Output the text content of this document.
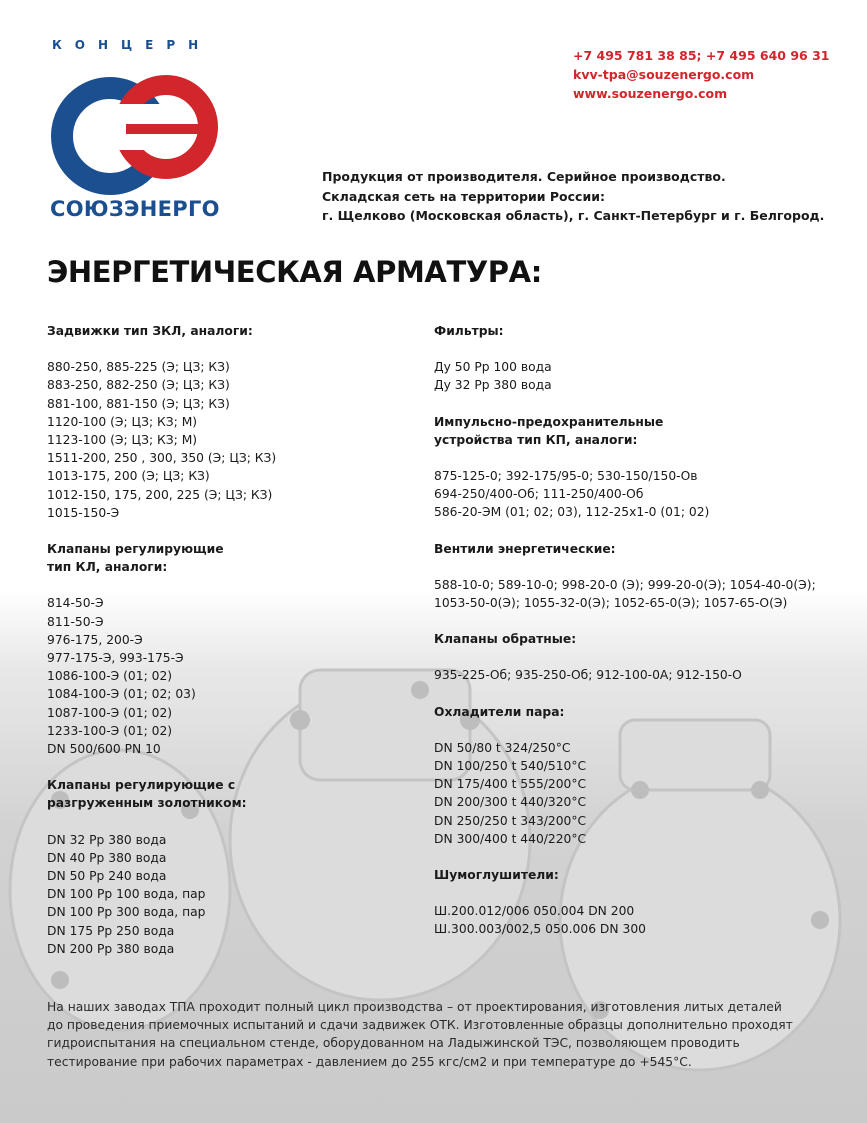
КОНЦЕРН
СОЮЗЭНЕРГО
+7 495 781 38 85; +7 495 640 96 31
kvv-tpa@souzenergo.com
www.souzenergo.com
Продукция от производителя. Серийное производство.
Складская сеть на территории России:
г. Щелково (Московская область), г. Санкт-Петербург и г. Белгород.
ЭНЕРГЕТИЧЕСКАЯ АРМАТУРА:
Задвижки тип ЗКЛ, аналоги:
880-250, 885-225 (Э; ЦЗ; КЗ)
883-250, 882-250 (Э; ЦЗ; КЗ)
881-100, 881-150 (Э; ЦЗ; КЗ)
1120-100 (Э; ЦЗ; КЗ; М)
1123-100 (Э; ЦЗ; КЗ; М)
1511-200, 250 , 300, 350 (Э; ЦЗ; КЗ)
1013-175, 200 (Э; ЦЗ; КЗ)
1012-150, 175, 200, 225 (Э; ЦЗ; КЗ)
1015-150-Э
Клапаны регулирующие
тип КЛ, аналоги:
814-50-Э
811-50-Э
976-175, 200-Э
977-175-Э, 993-175-Э
1086-100-Э (01; 02)
1084-100-Э (01; 02; 03)
1087-100-Э (01; 02)
1233-100-Э (01; 02)
DN 500/600 PN 10
Клапаны регулирующие с
разгруженным золотником:
DN 32 Рр 380 вода
DN 40 Рр 380 вода
DN 50 Рр 240 вода
DN 100 Рр 100 вода, пар
DN 100 Рр 300 вода, пар
DN 175 Рр 250 вода
DN 200 Рр 380 вода
Фильтры:
Ду 50 Рр 100 вода
Ду 32 Рр 380 вода
Импульсно-предохранительные
устройства тип КП, аналоги:
875-125-0; 392-175/95-0; 530-150/150-Ов
694-250/400-Об; 111-250/400-Об
586-20-ЭМ (01; 02; 03), 112-25х1-0 (01; 02)
Вентили энергетические:
588-10-0; 589-10-0; 998-20-0 (Э); 999-20-0(Э); 1054-40-0(Э);
1053-50-0(Э); 1055-32-0(Э); 1052-65-0(Э); 1057-65-О(Э)
Клапаны обратные:
935-225-Об; 935-250-Об; 912-100-0А; 912-150-О
Охладители пара:
DN 50/80 t 324/250°С
DN 100/250 t 540/510°С
DN 175/400 t 555/200°С
DN 200/300 t 440/320°С
DN 250/250 t 343/200°С
DN 300/400 t 440/220°С
Шумоглушители:
Ш.200.012/006 050.004 DN 200
Ш.300.003/002,5 050.006 DN 300
На наших заводах ТПА проходит полный цикл производства – от проектирования, изготовления литых деталей
до проведения приемочных испытаний и сдачи задвижек ОТК. Изготовленные образцы дополнительно проходят
гидроиспытания на специальном стенде, оборудованном на Ладыжинской ТЭС, позволяющем проводить
тестирование при рабочих параметрах - давлением до 255 кгс/см2 и при температуре до +545°С.
